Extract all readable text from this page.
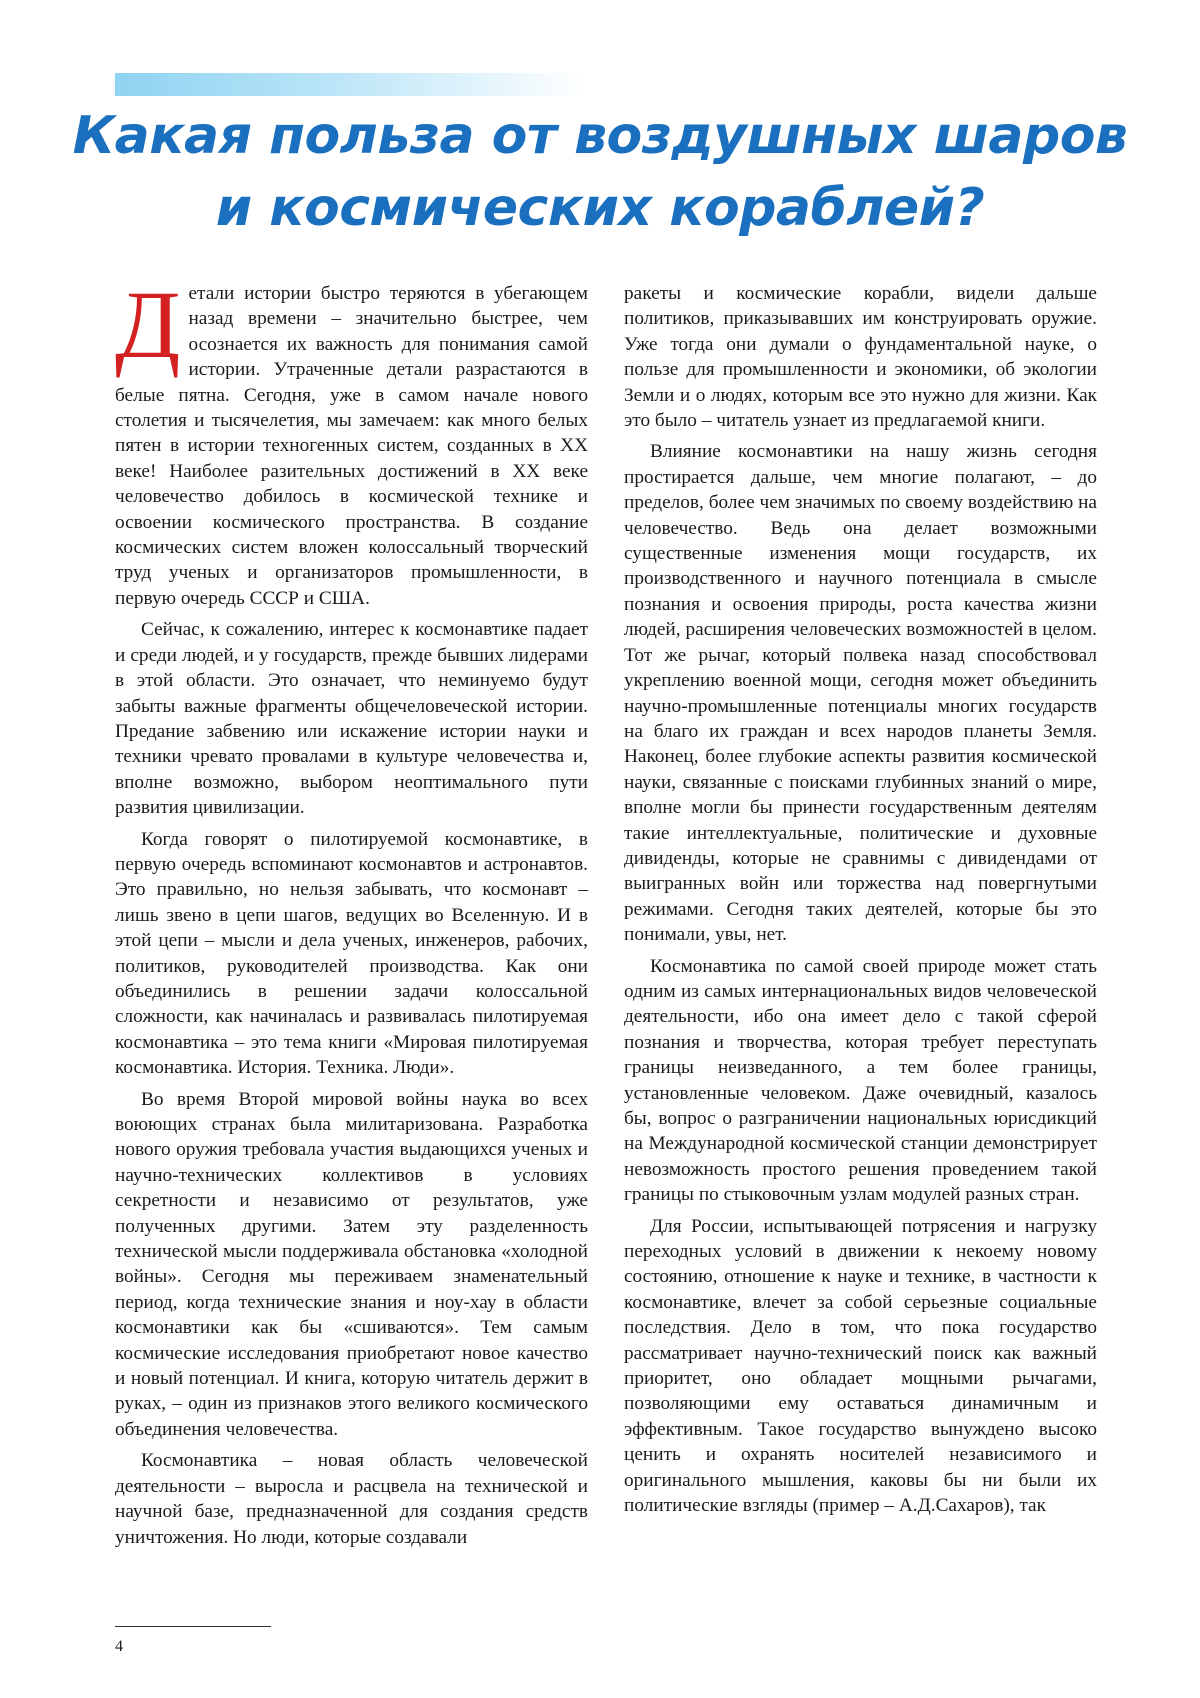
Какая польза от воздушных шаров
и космических кораблей?

Детали истории быстро теряются в убегающем назад времени – значительно быстрее, чем осознается их важность для понимания самой истории. Утраченные детали разрастаются в белые пятна. Сегодня, уже в самом начале нового столетия и тысячелетия, мы замечаем: как много белых пятен в истории техногенных систем, созданных в ХХ веке! Наиболее разительных достижений в ХХ веке человечество добилось в космической технике и освоении космического пространства. В создание космических систем вложен колоссальный творческий труд ученых и организаторов промышленности, в первую очередь СССР и США.

Сейчас, к сожалению, интерес к космонавтике падает и среди людей, и у государств, прежде бывших лидерами в этой области. Это означает, что неминуемо будут забыты важные фрагменты общечеловеческой истории. Предание забвению или искажение истории науки и техники чревато провалами в культуре человечества и, вполне возможно, выбором неоптимального пути развития цивилизации.

Когда говорят о пилотируемой космонавтике, в первую очередь вспоминают космонавтов и астронавтов. Это правильно, но нельзя забывать, что космонавт – лишь звено в цепи шагов, ведущих во Вселенную. И в этой цепи – мысли и дела ученых, инженеров, рабочих, политиков, руководителей производства. Как они объединились в решении задачи колоссальной сложности, как начиналась и развивалась пилотируемая космонавтика – это тема книги «Мировая пилотируемая космонавтика. История. Техника. Люди».

Во время Второй мировой войны наука во всех воюющих странах была милитаризована. Разработка нового оружия требовала участия выдающихся ученых и научно-технических коллективов в условиях секретности и независимо от результатов, уже полученных другими. Затем эту разделенность технической мысли поддерживала обстановка «холодной войны». Сегодня мы переживаем знаменательный период, когда технические знания и ноу-хау в области космонавтики как бы «сшиваются». Тем самым космические исследования приобретают новое качество и новый потенциал. И книга, которую читатель держит в руках, – один из признаков этого великого космического объединения человечества.

Космонавтика – новая область человеческой деятельности – выросла и расцвела на технической и научной базе, предназначенной для создания средств уничтожения. Но люди, которые создавали

ракеты и космические корабли, видели дальше политиков, приказывавших им конструировать оружие. Уже тогда они думали о фундаментальной науке, о пользе для промышленности и экономики, об экологии Земли и о людях, которым все это нужно для жизни. Как это было – читатель узнает из предлагаемой книги.

Влияние космонавтики на нашу жизнь сегодня простирается дальше, чем многие полагают, – до пределов, более чем значимых по своему воздействию на человечество. Ведь она делает возможными существенные изменения мощи государств, их производственного и научного потенциала в смысле познания и освоения природы, роста качества жизни людей, расширения человеческих возможностей в целом. Тот же рычаг, который полвека назад способствовал укреплению военной мощи, сегодня может объединить научно-промышленные потенциалы многих государств на благо их граждан и всех народов планеты Земля. Наконец, более глубокие аспекты развития космической науки, связанные с поисками глубинных знаний о мире, вполне могли бы принести государственным деятелям такие интеллектуальные, политические и духовные дивиденды, которые не сравнимы с дивидендами от выигранных войн или торжества над повергнутыми режимами. Сегодня таких деятелей, которые бы это понимали, увы, нет.

Космонавтика по самой своей природе может стать одним из самых интернациональных видов человеческой деятельности, ибо она имеет дело с такой сферой познания и творчества, которая требует переступать границы неизведанного, а тем более границы, установленные человеком. Даже очевидный, казалось бы, вопрос о разграничении национальных юрисдикций на Международной космической станции демонстрирует невозможность простого решения проведением такой границы по стыковочным узлам модулей разных стран.

Для России, испытывающей потрясения и нагрузку переходных условий в движении к некоему новому состоянию, отношение к науке и технике, в частности к космонавтике, влечет за собой серьезные социальные последствия. Дело в том, что пока государство рассматривает научно-технический поиск как важный приоритет, оно обладает мощными рычагами, позволяющими ему оставаться динамичным и эффективным. Такое государство вынуждено высоко ценить и охранять носителей независимого и оригинального мышления, каковы бы ни были их политические взгляды (пример – А.Д.Сахаров), так

4
